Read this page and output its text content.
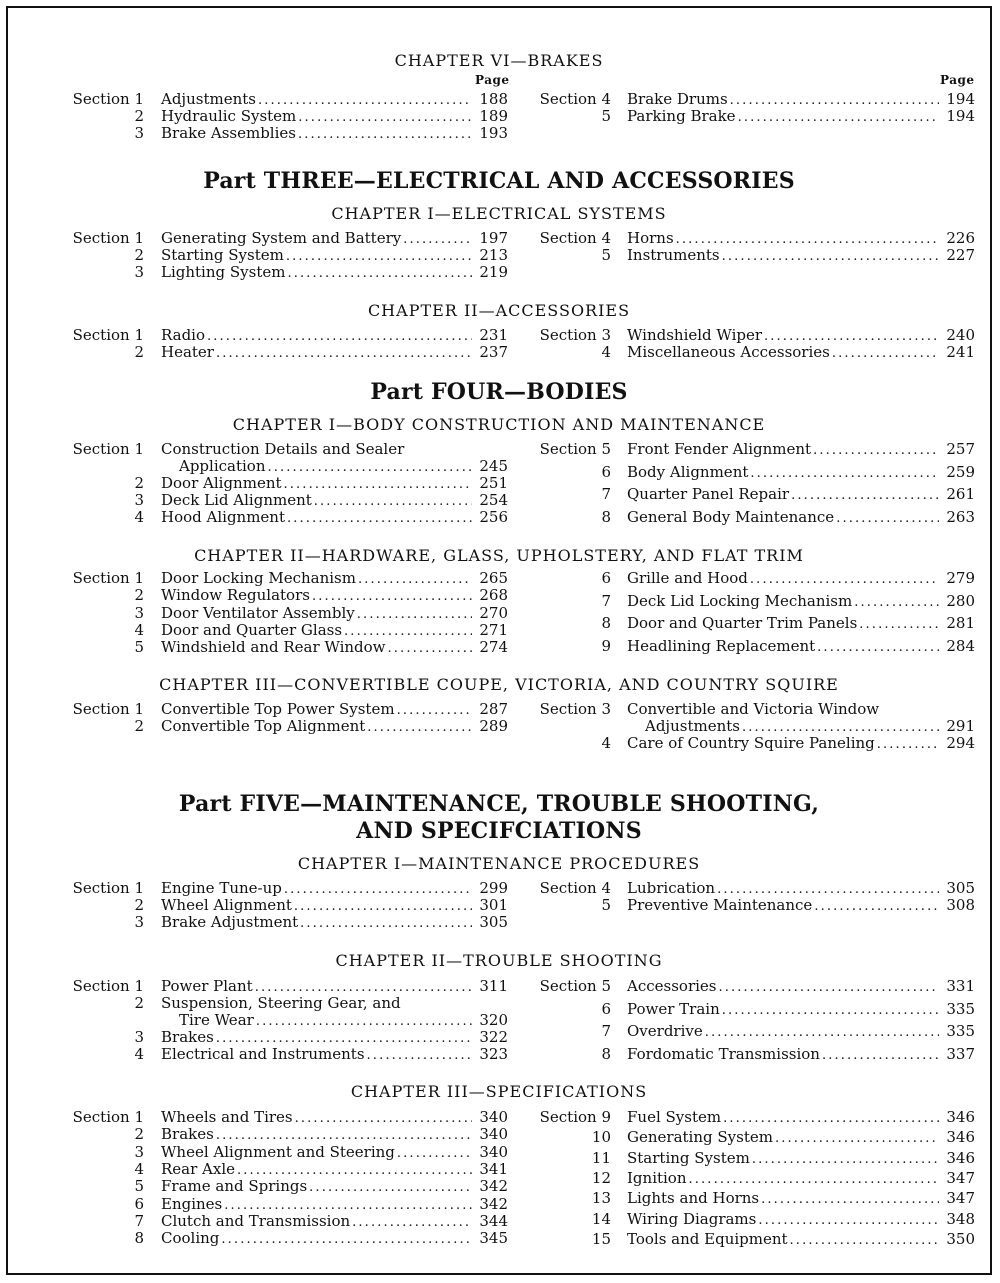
CHAPTER VI—BRAKES
Page	Page
Section 1 Adjustments . . .	188
2 Hydraulic System . . .	189
3 Brake Assemblies . . .	193
Section 4 Brake Drums . . .	194
5 Parking Brake . . .	194
Part THREE—ELECTRICAL AND ACCESSORIES
CHAPTER I—ELECTRICAL SYSTEMS
Section 1 Generating System and Battery . . .	197
2 Starting System . . .	213
3 Lighting System . . .	219
Section 4 Horns . . .	226
5 Instruments . . .	227
CHAPTER II—ACCESSORIES
Section 1 Radio . . .	231
2 Heater . . .	237
Section 3 Windshield Wiper . . .	240
4 Miscellaneous Accessories . . .	241
Part FOUR—BODIES
CHAPTER I—BODY CONSTRUCTION AND MAINTENANCE
Section 1 Construction Details and Sealer
Application . . .	245
2 Door Alignment . . .	251
3 Deck Lid Alignment . . .	254
4 Hood Alignment . . .	256
Section 5 Front Fender Alignment . . .	257
6 Body Alignment . . .	259
7 Quarter Panel Repair . . .	261
8 General Body Maintenance . . .	263
CHAPTER II—HARDWARE, GLASS, UPHOLSTERY, AND FLAT TRIM
Section 1 Door Locking Mechanism . . .	265
2 Window Regulators . . .	268
3 Door Ventilator Assembly . . .	270
4 Door and Quarter Glass . . .	271
5 Windshield and Rear Window . . .	274
6 Grille and Hood . . .	279
7 Deck Lid Locking Mechanism . . .	280
8 Door and Quarter Trim Panels . . .	281
9 Headlining Replacement . . .	284
CHAPTER III—CONVERTIBLE COUPE, VICTORIA, AND COUNTRY SQUIRE
Section 1 Convertible Top Power System . . .	287
2 Convertible Top Alignment . . .	289
Section 3 Convertible and Victoria Window
Adjustments . . .	291
4 Care of Country Squire Paneling . . .	294
Part FIVE—MAINTENANCE, TROUBLE SHOOTING,
AND SPECIFCIATIONS
CHAPTER I—MAINTENANCE PROCEDURES
Section 1 Engine Tune-up . . .	299
2 Wheel Alignment . . .	301
3 Brake Adjustment . . .	305
Section 4 Lubrication . . .	305
5 Preventive Maintenance . . .	308
CHAPTER II—TROUBLE SHOOTING
Section 1 Power Plant . . .	311
2 Suspension, Steering Gear, and
Tire Wear . . .	320
3 Brakes . . .	322
4 Electrical and Instruments . . .	323
Section 5 Accessories . . .	331
6 Power Train . . .	335
7 Overdrive . . .	335
8 Fordomatic Transmission . . .	337
CHAPTER III—SPECIFICATIONS
Section 1 Wheels and Tires . . .	340
2 Brakes . . .	340
3 Wheel Alignment and Steering . . .	340
4 Rear Axle . . .	341
5 Frame and Springs . . .	342
6 Engines . . .	342
7 Clutch and Transmission . . .	344
8 Cooling . . .	345
Section 9 Fuel System . . .	346
10 Generating System . . .	346
11 Starting System . . .	346
12 Ignition . . .	347
13 Lights and Horns . . .	347
14 Wiring Diagrams . . .	348
15 Tools and Equipment . . .	350
